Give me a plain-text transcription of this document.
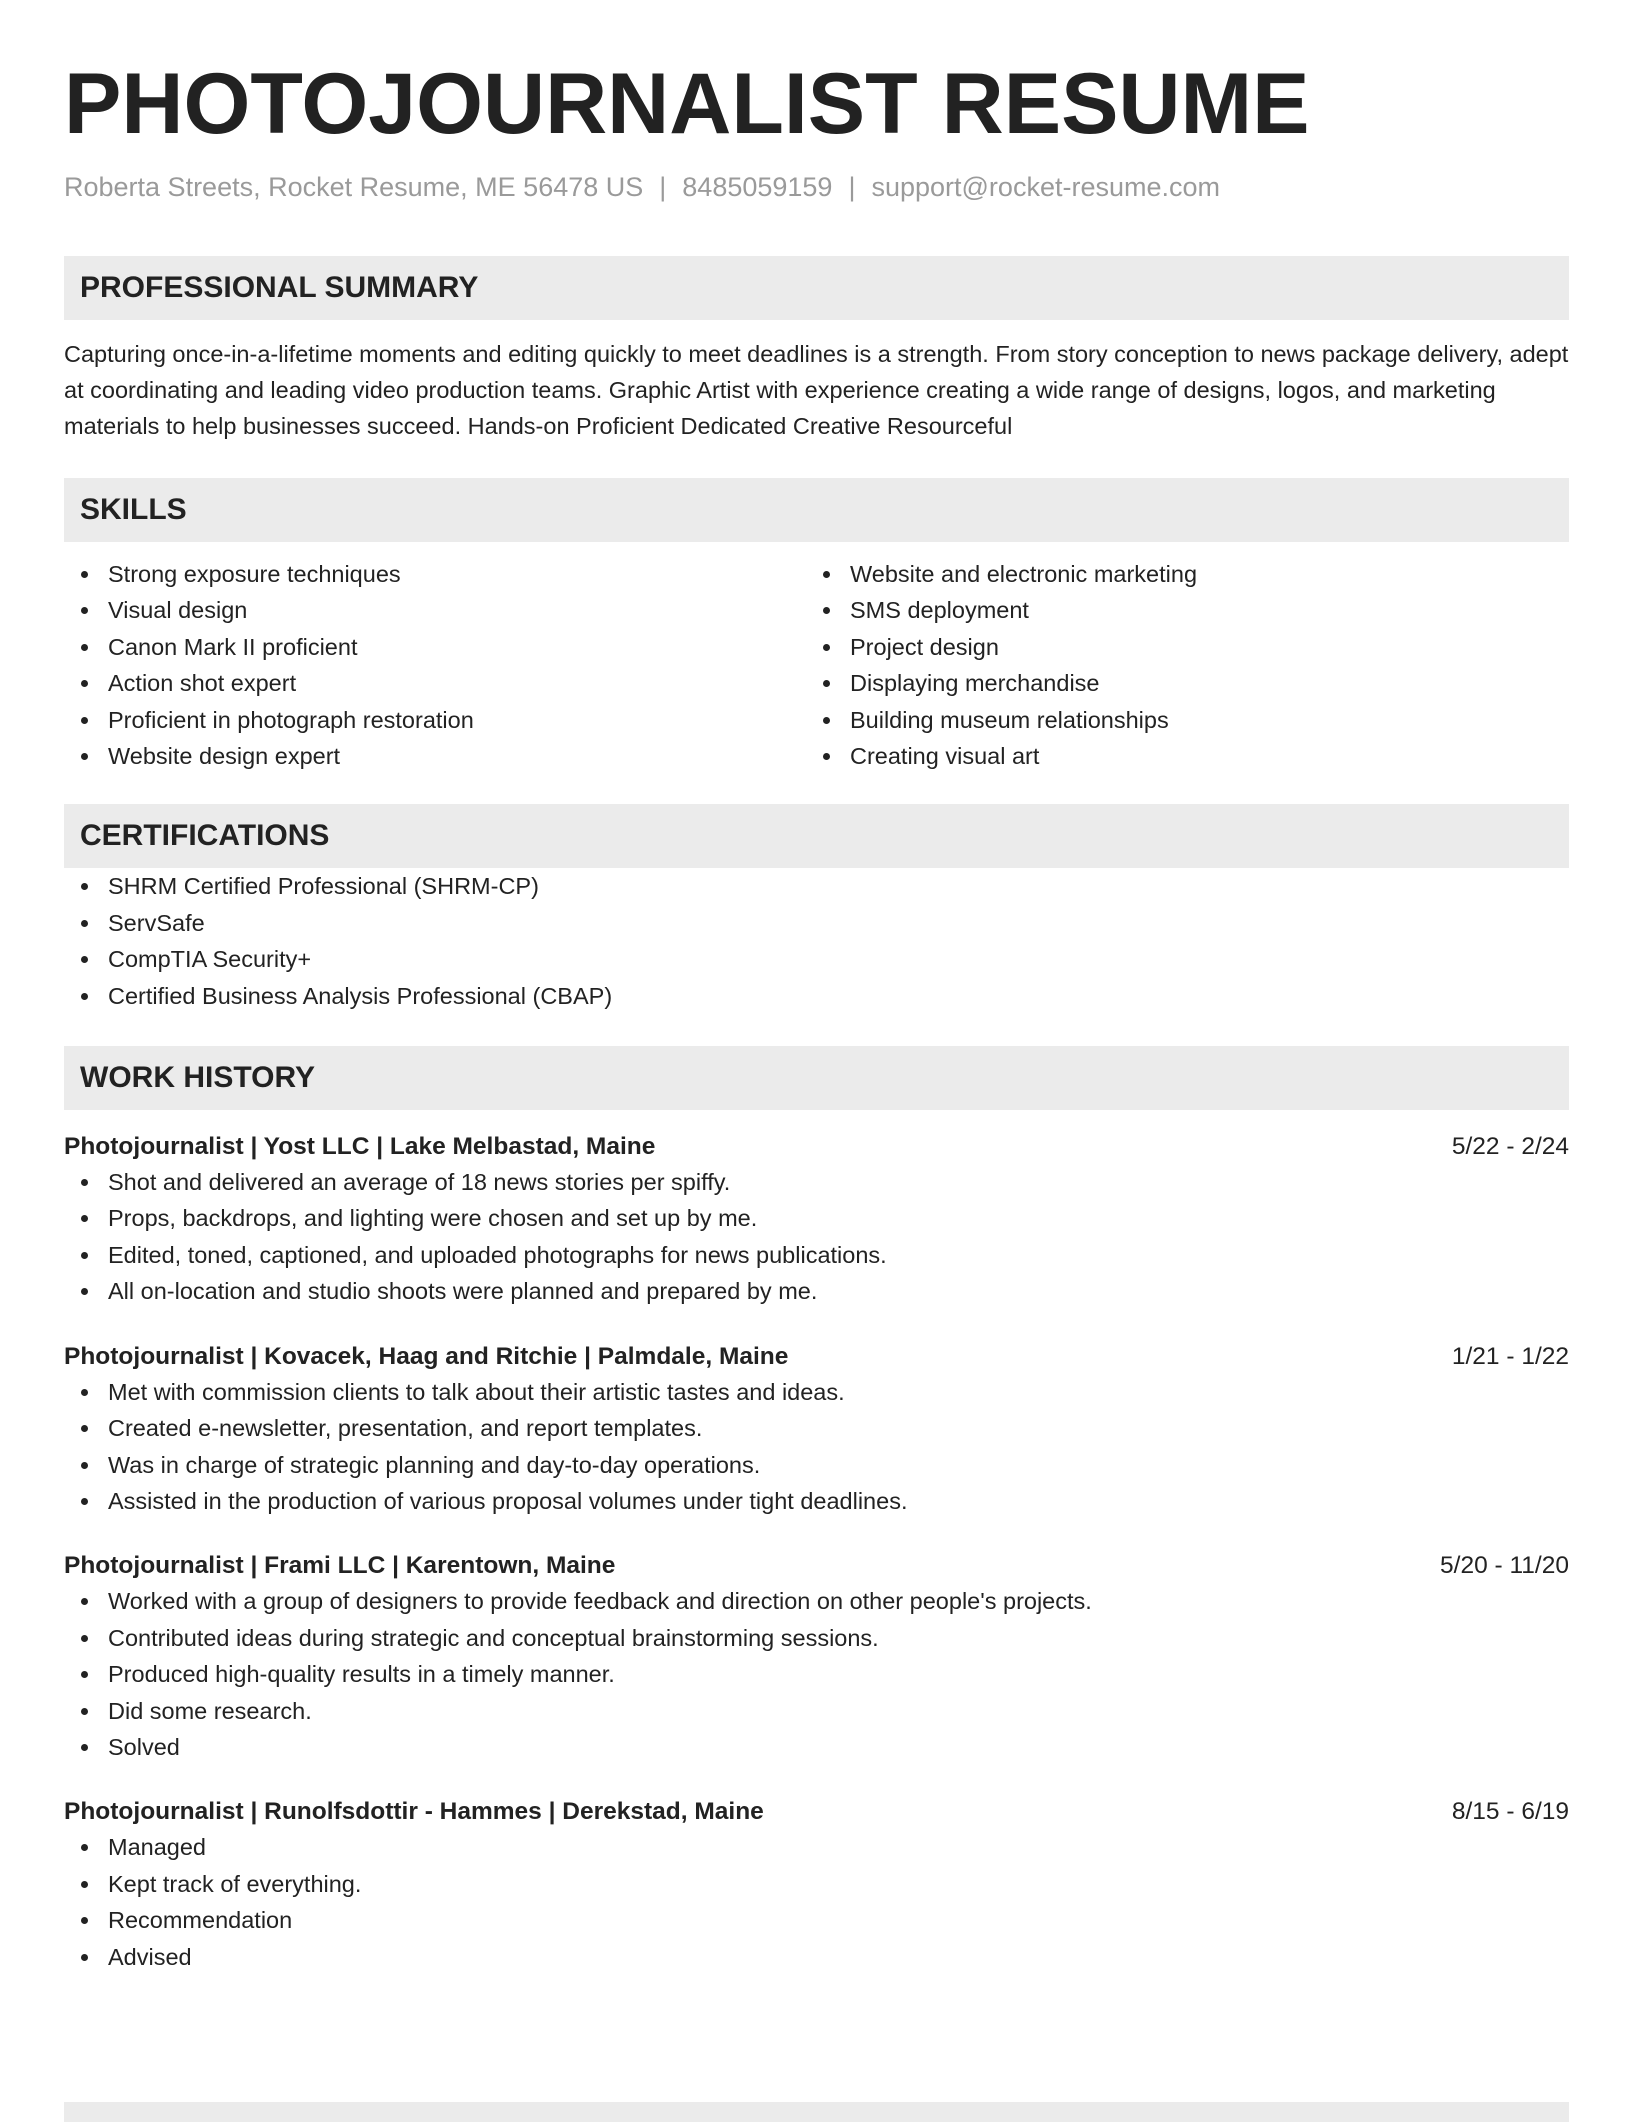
PHOTOJOURNALIST RESUME
Roberta Streets, Rocket Resume, ME 56478 US | 8485059159 | support@rocket-resume.com
PROFESSIONAL SUMMARY
Capturing once-in-a-lifetime moments and editing quickly to meet deadlines is a strength. From story conception to news package delivery, adept at coordinating and leading video production teams. Graphic Artist with experience creating a wide range of designs, logos, and marketing materials to help businesses succeed. Hands-on Proficient Dedicated Creative Resourceful
SKILLS
Strong exposure techniques
Visual design
Canon Mark II proficient
Action shot expert
Proficient in photograph restoration
Website design expert
Website and electronic marketing
SMS deployment
Project design
Displaying merchandise
Building museum relationships
Creating visual art
CERTIFICATIONS
SHRM Certified Professional (SHRM-CP)
ServSafe
CompTIA Security+
Certified Business Analysis Professional (CBAP)
WORK HISTORY
Photojournalist | Yost LLC | Lake Melbastad, Maine	5/22 - 2/24
Shot and delivered an average of 18 news stories per spiffy.
Props, backdrops, and lighting were chosen and set up by me.
Edited, toned, captioned, and uploaded photographs for news publications.
All on-location and studio shoots were planned and prepared by me.
Photojournalist | Kovacek, Haag and Ritchie | Palmdale, Maine	1/21 - 1/22
Met with commission clients to talk about their artistic tastes and ideas.
Created e-newsletter, presentation, and report templates.
Was in charge of strategic planning and day-to-day operations.
Assisted in the production of various proposal volumes under tight deadlines.
Photojournalist | Frami LLC | Karentown, Maine	5/20 - 11/20
Worked with a group of designers to provide feedback and direction on other people's projects.
Contributed ideas during strategic and conceptual brainstorming sessions.
Produced high-quality results in a timely manner.
Did some research.
Solved
Photojournalist | Runolfsdottir - Hammes | Derekstad, Maine	8/15 - 6/19
Managed
Kept track of everything.
Recommendation
Advised
